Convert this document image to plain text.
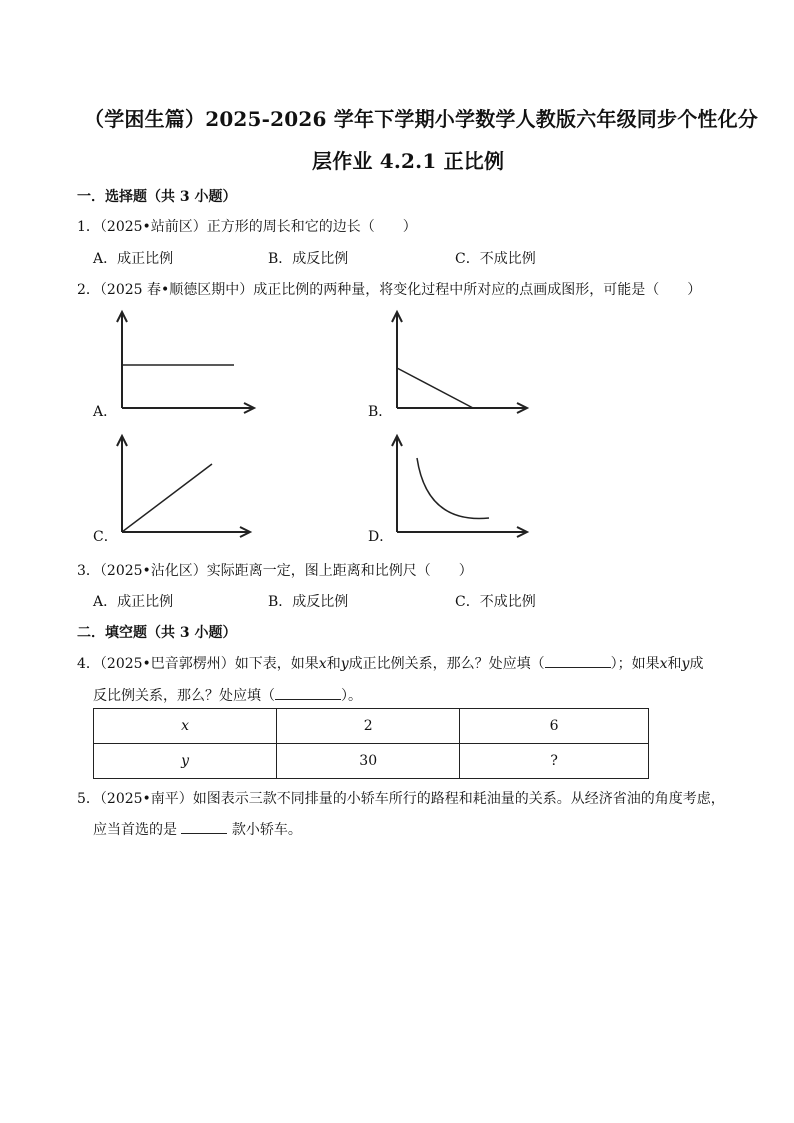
（学困生篇）2025-2026 学年下学期小学数学人教版六年级同步个性化分
层作业 4.2.1 正比例
一．选择题（共 3 小题）
1．（2025•站前区）正方形的周长和它的边长（　　）
A．成正比例	B．成反比例	C．不成比例
2．（2025 春•顺德区期中）成正比例的两种量，将变化过程中所对应的点画成图形，可能是（　　）
A．	B．
C．	D．
3．（2025•沾化区）实际距离一定，图上距离和比例尺（　　）
A．成正比例	B．成反比例	C．不成比例
二．填空题（共 3 小题）
4．（2025•巴音郭楞州）如下表，如果x和y成正比例关系，那么？处应填（	）；如果x和y成
反比例关系，那么？处应填（	）。
x	2	6
y	30	?
5．（2025•南平）如图表示三款不同排量的小轿车所行的路程和耗油量的关系。从经济省油的角度考虑，
应当首选的是	款小轿车。
